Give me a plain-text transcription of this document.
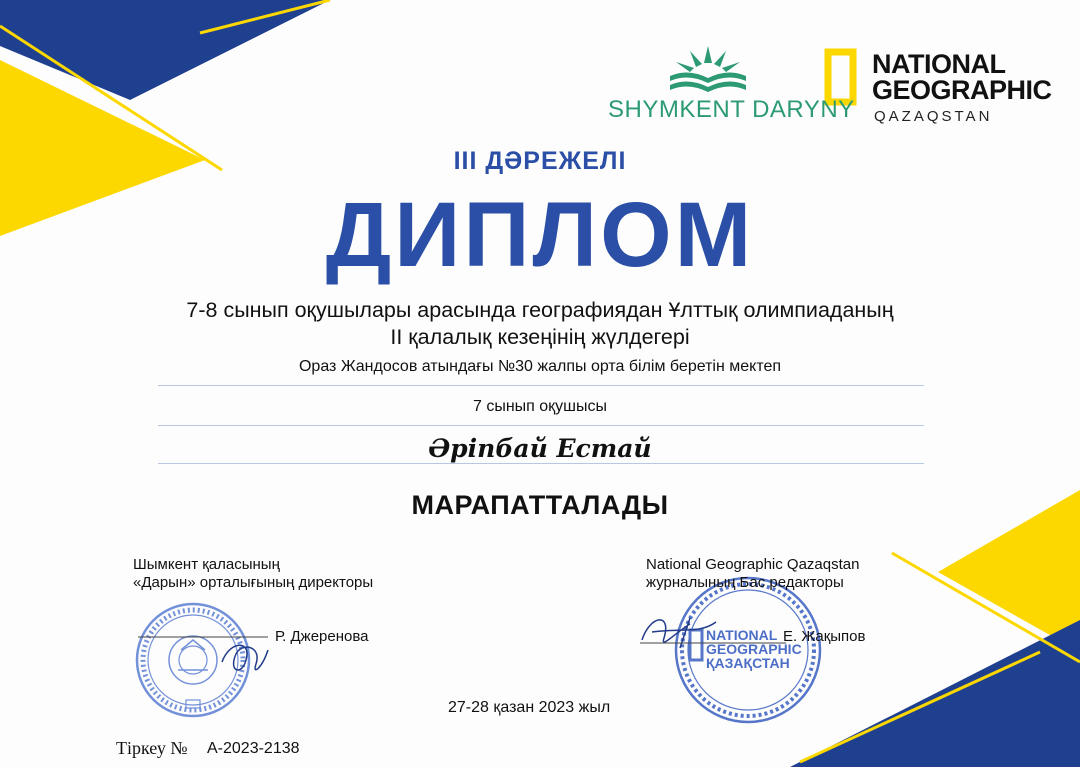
NATIONAL
GEOGRAPHIC
ҚАЗАҚСТАН
SHYMKENT DARYNY
NATIONAL
GEOGRAPHIC
QAZAQSTAN
III ДӘРЕЖЕЛІ
ДИПЛОМ
7-8 сынып оқушылары арасында географиядан Ұлттық олимпиаданың
II қалалық кезеңінің жүлдегері
Ораз Жандосов атындағы №30 жалпы орта білім беретін мектеп
7 сынып оқушысы
Әріпбай Естай
МАРАПАТТАЛАДЫ
Шымкент қаласының
«Дарын» орталығының директоры
Р. Джеренова
National Geographic Qazaqstan
журналының Бас редакторы
Е. Жақыпов
27-28 қазан 2023 жыл
Тіркеу № А-2023-2138
